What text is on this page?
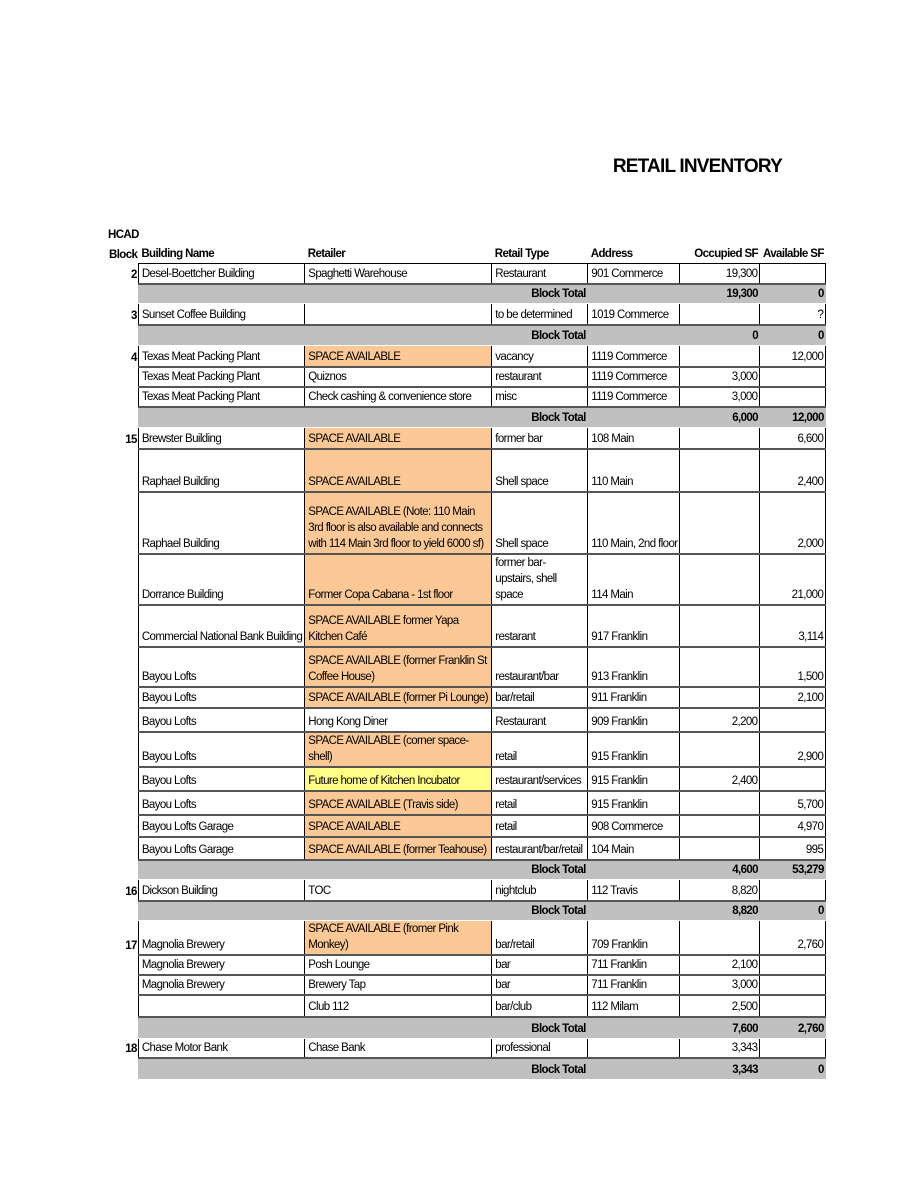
RETAIL INVENTORY
HCAD
Block	Building Name	Retailer	Retail Type	Address	Occupied SF	Available SF
2	Desel-Boettcher Building	Spaghetti Warehouse	Restaurant	901 Commerce	19,300	
	Block Total				19,300	0
3	Sunset Coffee Building		to be determined	1019 Commerce		?
	Block Total				0	0
4	Texas Meat Packing Plant	SPACE AVAILABLE	vacancy	1119 Commerce		12,000
	Texas Meat Packing Plant	Quiznos	restaurant	1119 Commerce	3,000	
	Texas Meat Packing Plant	Check cashing & convenience store	misc	1119 Commerce	3,000	
	Block Total				6,000	12,000
15	Brewster Building	SPACE AVAILABLE	former bar	108 Main		6,600
	Raphael Building	SPACE AVAILABLE	Shell space	110 Main		2,400
	Raphael Building	SPACE AVAILABLE (Note: 110 Main 3rd floor is also available and connects with 114 Main 3rd floor to yield 6000 sf)	Shell space	110 Main, 2nd floor		2,000
	Dorrance Building	Former Copa Cabana - 1st floor	former bar- upstairs, shell space	114 Main		21,000
	Commercial National Bank Building	SPACE AVAILABLE former Yapa Kitchen Café	restarant	917 Franklin		3,114
	Bayou Lofts	SPACE AVAILABLE (former Franklin St Coffee House)	restaurant/bar	913 Franklin		1,500
	Bayou Lofts	SPACE AVAILABLE (former Pi Lounge)	bar/retail	911 Franklin		2,100
	Bayou Lofts	Hong Kong Diner	Restaurant	909 Franklin	2,200	
	Bayou Lofts	SPACE AVAILABLE (corner space- shell)	retail	915 Franklin		2,900
	Bayou Lofts	Future home of Kitchen Incubator	restaurant/services	915 Franklin	2,400	
	Bayou Lofts	SPACE AVAILABLE (Travis side)	retail	915 Franklin		5,700
	Bayou Lofts Garage	SPACE AVAILABLE	retail	908 Commerce		4,970
	Bayou Lofts Garage	SPACE AVAILABLE (former Teahouse)	restaurant/bar/retail	104 Main		995
	Block Total				4,600	53,279
16	Dickson Building	TOC	nightclub	112 Travis	8,820	
	Block Total				8,820	0
17	Magnolia Brewery	SPACE AVAILABLE (fromer Pink Monkey)	bar/retail	709 Franklin		2,760
	Magnolia Brewery	Posh Lounge	bar	711 Franklin	2,100	
	Magnolia Brewery	Brewery Tap	bar	711 Franklin	3,000	
		Club 112	bar/club	112 Milam	2,500	
	Block Total				7,600	2,760
18	Chase Motor Bank	Chase Bank	professional		3,343	
	Block Total				3,343	0
